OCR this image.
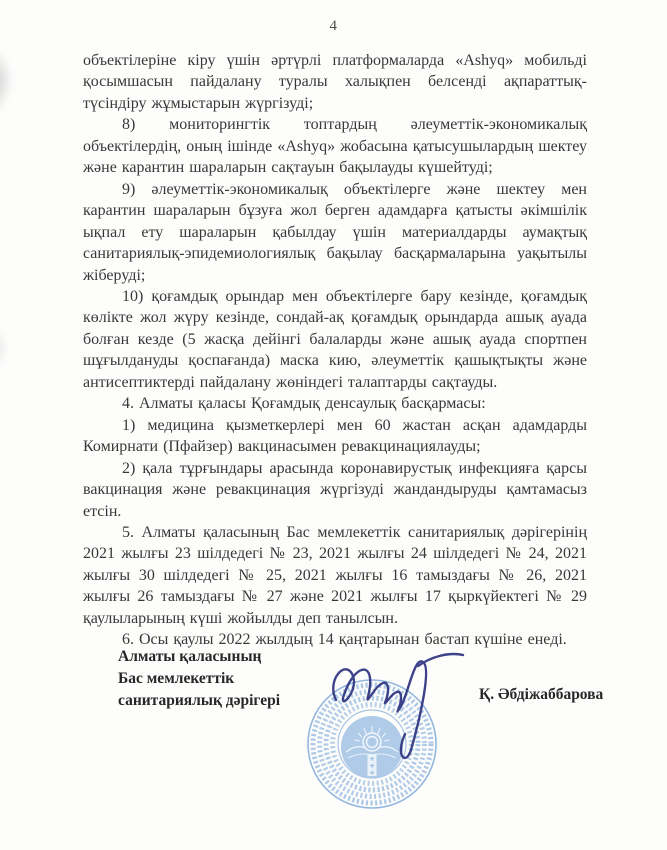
4

объектілеріне кіру үшін әртүрлі платформаларда «Ashyq» мобильді қосымшасын пайдалану туралы халықпен белсенді ақпараттық-түсіндіру жұмыстарын жүргізуді;

8) мониторингтік топтардың әлеуметтік-экономикалық объектілердің, оның ішінде «Ashyq» жобасына қатысушылардың шектеу және карантин шараларын сақтауын бақылауды күшейтуді;

9) әлеуметтік-экономикалық объектілерге және шектеу мен карантин шараларын бұзуға жол берген адамдарға қатысты әкімшілік ықпал ету шараларын қабылдау үшін материалдарды аумақтық санитариялық-эпидемиологиялық бақылау басқармаларына уақытылы жіберуді;

10) қоғамдық орындар мен объектілерге бару кезінде, қоғамдық көлікте жол жүру кезінде, сондай-ақ қоғамдық орындарда ашық ауада болған кезде (5 жасқа дейінгі балаларды және ашық ауада спортпен шұғылдануды қоспағанда) маска кию, әлеуметтік қашықтықты және антисептиктерді пайдалану жөніндегі талаптарды сақтауды.

4. Алматы қаласы Қоғамдық денсаулық басқармасы:

1) медицина қызметкерлері мен 60 жастан асқан адамдарды Комирнати (Пфайзер) вакцинасымен ревакцинациялауды;

2) қала тұрғындары арасында коронавирустық инфекцияға қарсы вакцинация және ревакцинация жүргізуді жандандыруды қамтамасыз етсін.

5. Алматы қаласының Бас мемлекеттік санитариялық дәрігерінің 2021 жылғы 23 шілдедегі № 23, 2021 жылғы 24 шілдедегі № 24, 2021 жылғы 30 шілдедегі № 25, 2021 жылғы 16 тамыздағы № 26, 2021 жылғы 26 тамыздағы № 27 және 2021 жылғы 17 қыркүйектегі № 29 қаулыларының күші жойылды деп танылсын.

6. Осы қаулы 2022 жылдың 14 қаңтарынан бастап күшіне енеді.

Алматы қаласының
Бас мемлекеттік
санитариялық дәрігері	Қ. Әбдіжаббарова
✳
✳
✳
